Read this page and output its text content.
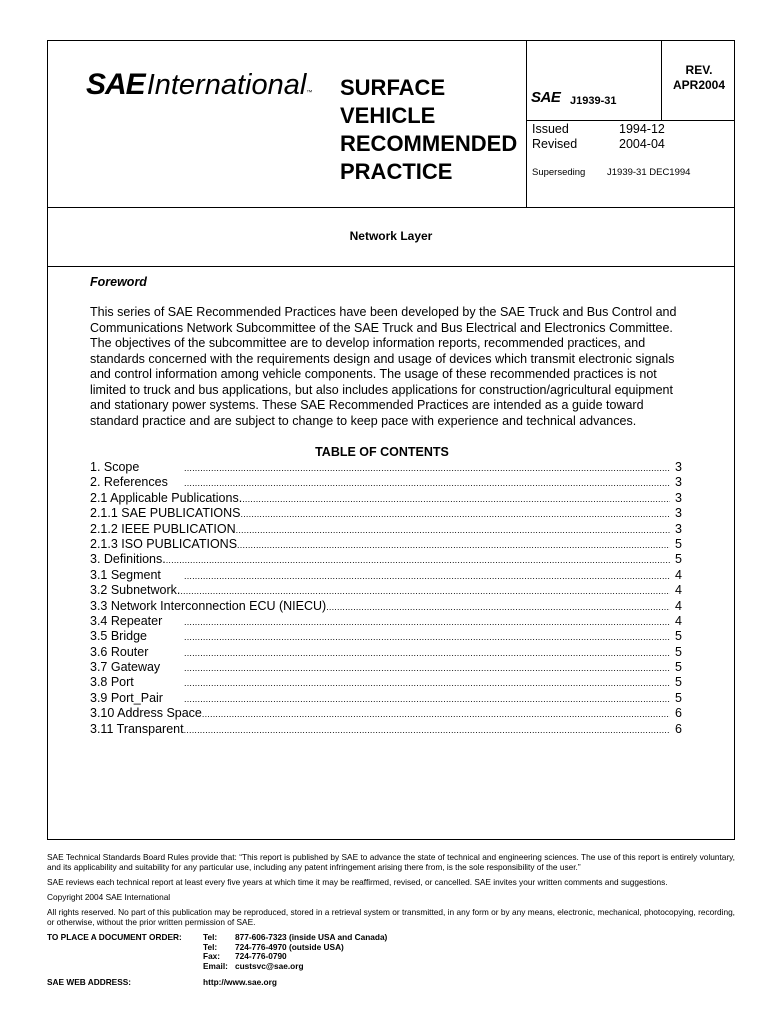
SAE International ™ SURFACE
VEHICLE
RECOMMENDED
PRACTICE
SAE J1939-31
REV.
APR2004
Issued	1994-12
Revised	2004-04
Superseding	J1939-31 DEC1994
Network Layer
Foreword
This series of SAE Recommended Practices have been developed by the SAE Truck and Bus Control and Communications Network Subcommittee of the SAE Truck and Bus Electrical and Electronics Committee. The objectives of the subcommittee are to develop information reports, recommended practices, and standards concerned with the requirements design and usage of devices which transmit electronic signals and control information among vehicle components. The usage of these recommended practices is not limited to truck and bus applications, but also includes applications for construction/agricultural equipment and stationary power systems. These SAE Recommended Practices are intended as a guide toward standard practice and are subject to change to keep pace with experience and technical advances.
TABLE OF CONTENTS
1. Scope .....	3
2. References .....	3
2.1 Applicable Publications. .....	3
2.1.1 SAE PUBLICATIONS .....	3
2.1.2 IEEE PUBLICATION .....	3
2.1.3 ISO PUBLICATIONS .....	5
3. Definitions. .....	5
3.1 Segment .....	4
3.2 Subnetwork. .....	4
3.3 Network Interconnection ECU (NIECU) .....	4
3.4 Repeater .....	4
3.5 Bridge .....	5
3.6 Router .....	5
3.7 Gateway .....	5
3.8 Port .....	5
3.9 Port_Pair .....	5
3.10 Address Space .....	6
3.11 Transparent .....	6

SAE Technical Standards Board Rules provide that: “This report is published by SAE to advance the state of technical and engineering sciences. The use of this report is entirely voluntary, and its applicability and suitability for any particular use, including any patent infringement arising there from, is the sole responsibility of the user.”

SAE reviews each technical report at least every five years at which time it may be reaffirmed, revised, or cancelled. SAE invites your written comments and suggestions.

Copyright 2004 SAE International

All rights reserved. No part of this publication may be reproduced, stored in a retrieval system or transmitted, in any form or by any means, electronic, mechanical, photocopying, recording, or otherwise, without the prior written permission of SAE.

TO PLACE A DOCUMENT ORDER:	Tel:	877-606-7323 (inside USA and Canada)
Tel:	724-776-4970 (outside USA)
Fax:	724-776-0790
Email: custsvc@sae.org
SAE WEB ADDRESS:	http://www.sae.org
